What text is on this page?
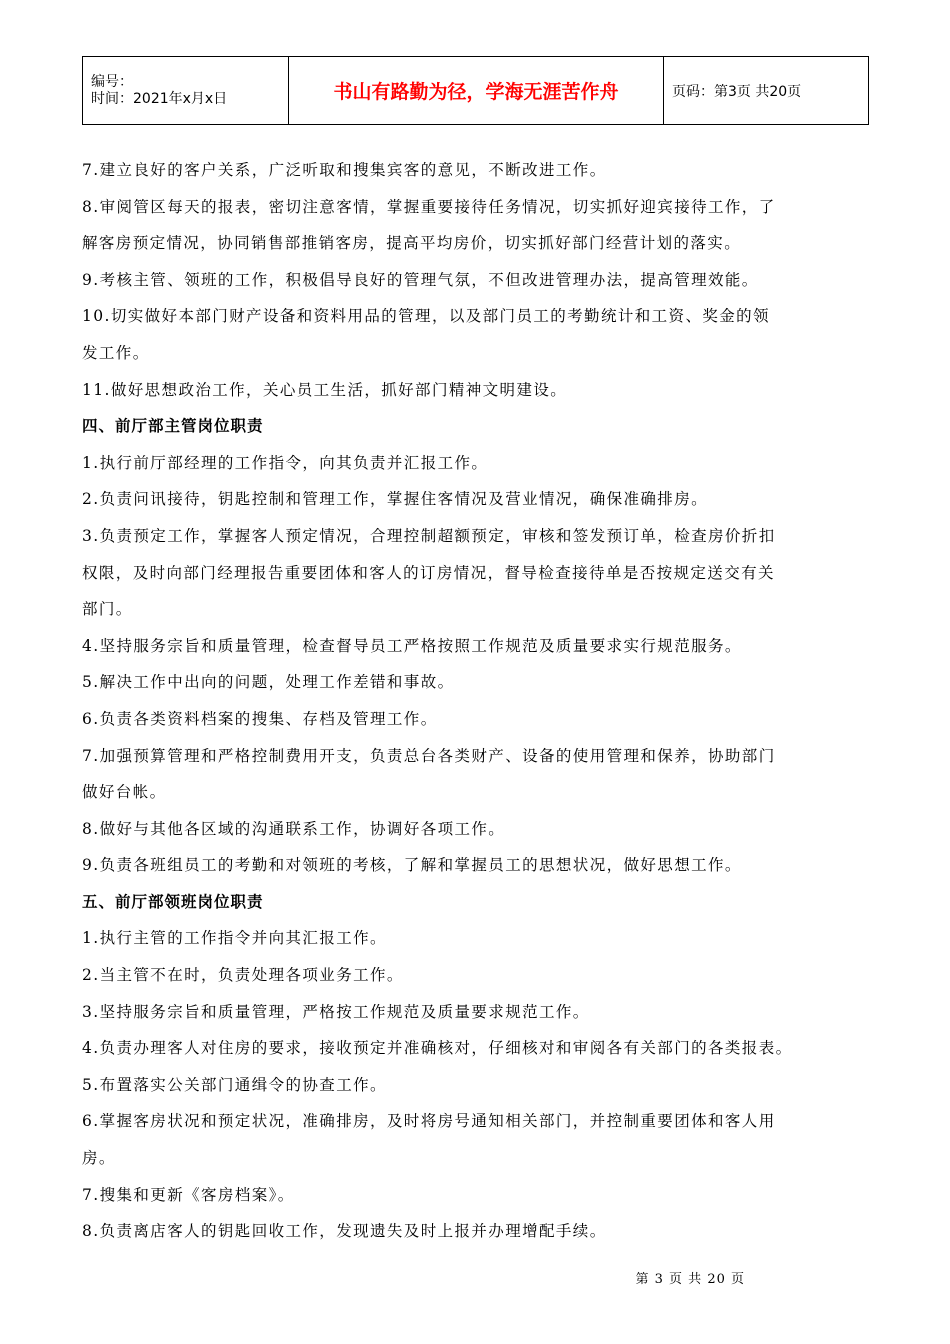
编号：
时间：2021年x月x日	书山有路勤为径，学海无涯苦作舟	页码：第3页 共20页
7.建立良好的客户关系，广泛听取和搜集宾客的意见，不断改进工作。
8.审阅管区每天的报表，密切注意客情，掌握重要接待任务情况，切实抓好迎宾接待工作，了
解客房预定情况，协同销售部推销客房，提高平均房价，切实抓好部门经营计划的落实。
9.考核主管、领班的工作，积极倡导良好的管理气氛，不但改进管理办法，提高管理效能。
10.切实做好本部门财产设备和资料用品的管理，以及部门员工的考勤统计和工资、奖金的领
发工作。
11.做好思想政治工作，关心员工生活，抓好部门精神文明建设。
四、前厅部主管岗位职责
1.执行前厅部经理的工作指令，向其负责并汇报工作。
2.负责问讯接待，钥匙控制和管理工作，掌握住客情况及营业情况，确保准确排房。
3.负责预定工作，掌握客人预定情况，合理控制超额预定，审核和签发预订单，检查房价折扣
权限，及时向部门经理报告重要团体和客人的订房情况，督导检查接待单是否按规定送交有关
部门。
4.坚持服务宗旨和质量管理，检查督导员工严格按照工作规范及质量要求实行规范服务。
5.解决工作中出向的问题，处理工作差错和事故。
6.负责各类资料档案的搜集、存档及管理工作。
7.加强预算管理和严格控制费用开支，负责总台各类财产、设备的使用管理和保养，协助部门
做好台帐。
8.做好与其他各区域的沟通联系工作，协调好各项工作。
9.负责各班组员工的考勤和对领班的考核，了解和掌握员工的思想状况，做好思想工作。
五、前厅部领班岗位职责
1.执行主管的工作指令并向其汇报工作。
2.当主管不在时，负责处理各项业务工作。
3.坚持服务宗旨和质量管理，严格按工作规范及质量要求规范工作。
4.负责办理客人对住房的要求，接收预定并准确核对，仔细核对和审阅各有关部门的各类报表。
5.布置落实公关部门通缉令的协查工作。
6.掌握客房状况和预定状况，准确排房，及时将房号通知相关部门，并控制重要团体和客人用
房。
7.搜集和更新《客房档案》。
8.负责离店客人的钥匙回收工作，发现遗失及时上报并办理增配手续。
第 3 页 共 20 页
